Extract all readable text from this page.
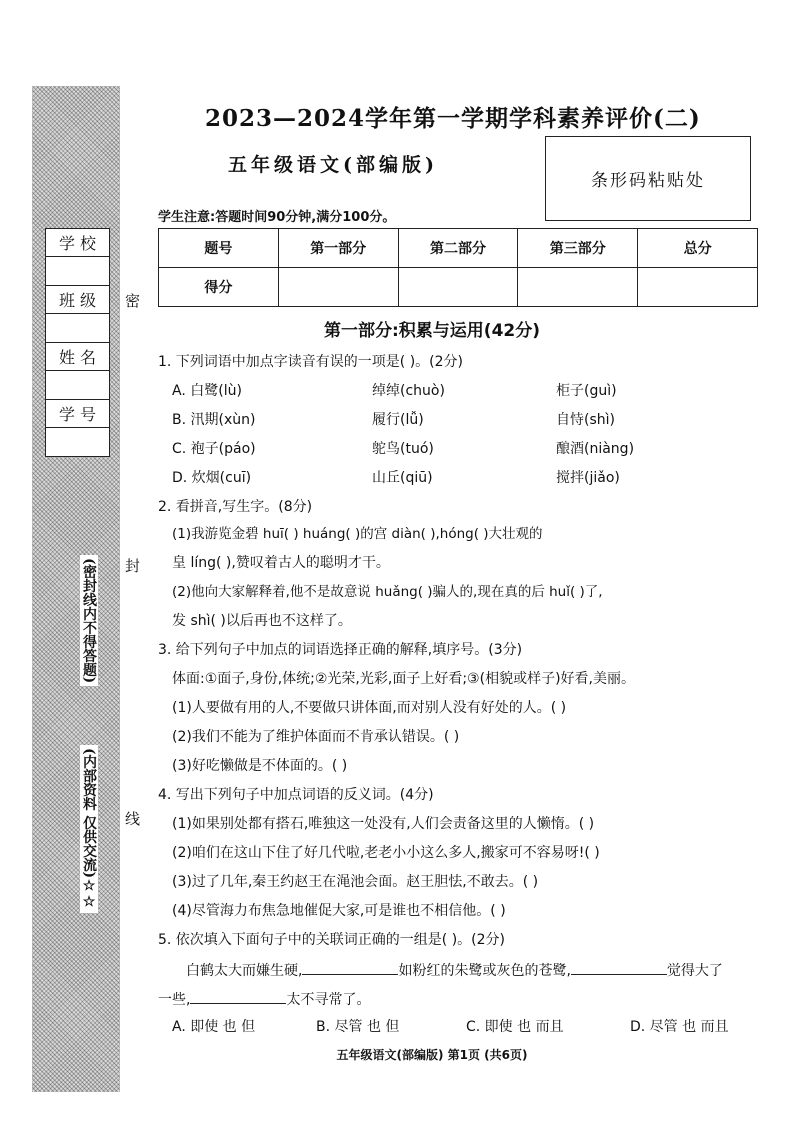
学 校
班 级
姓 名
学 号
密
封
线
(密封线内不得答题)
(内部资料 仅供交流)☆☆
2023—2024学年第一学期学科素养评价(二)
五年级语文(部编版)
条形码粘贴处
学生注意:答题时间90分钟,满分100分。
题号	第一部分	第二部分	第三部分	总分
得分				
第一部分:积累与运用(42分)
1. 下列词语中加点字读音有误的一项是( )。(2分)
A. 白鹭(lù)	绰绰(chuò)	柜子(guì)
B. 汛期(xùn)	履行(lǚ)	自恃(shì)
C. 袍子(páo)	鸵鸟(tuó)	酿酒(niàng)
D. 炊烟(cuī)	山丘(qiū)	搅拌(jiǎo)
2. 看拼音,写生字。(8分)
(1)我游览金碧 huī( ) huáng( )的宫 diàn( ),hóng( )大壮观的
皇 líng( ),赞叹着古人的聪明才干。
(2)他向大家解释着,他不是故意说 huǎng( )骗人的,现在真的后 huǐ( )了,
发 shì( )以后再也不这样了。
3. 给下列句子中加点的词语选择正确的解释,填序号。(3分)
体面:①面子,身份,体统;②光荣,光彩,面子上好看;③(相貌或样子)好看,美丽。
(1)人要做有用的人,不要做只讲体面,而对别人没有好处的人。( )
(2)我们不能为了维护体面而不肯承认错误。( )
(3)好吃懒做是不体面的。( )
4. 写出下列句子中加点词语的反义词。(4分)
(1)如果别处都有搭石,唯独这一处没有,人们会责备这里的人懒惰。( )
(2)咱们在这山下住了好几代啦,老老小小这么多人,搬家可不容易呀!( )
(3)过了几年,秦王约赵王在渑池会面。赵王胆怯,不敢去。( )
(4)尽管海力布焦急地催促大家,可是谁也不相信他。( )
5. 依次填入下面句子中的关联词正确的一组是( )。(2分)
白鹤太大而嫌生硬,	如粉红的朱鹭或灰色的苍鹭,	觉得大了
一些,	太不寻常了。
A. 即使 也 但	B. 尽管 也 但	C. 即使 也 而且	D. 尽管 也 而且
五年级语文(部编版) 第1页 (共6页)
